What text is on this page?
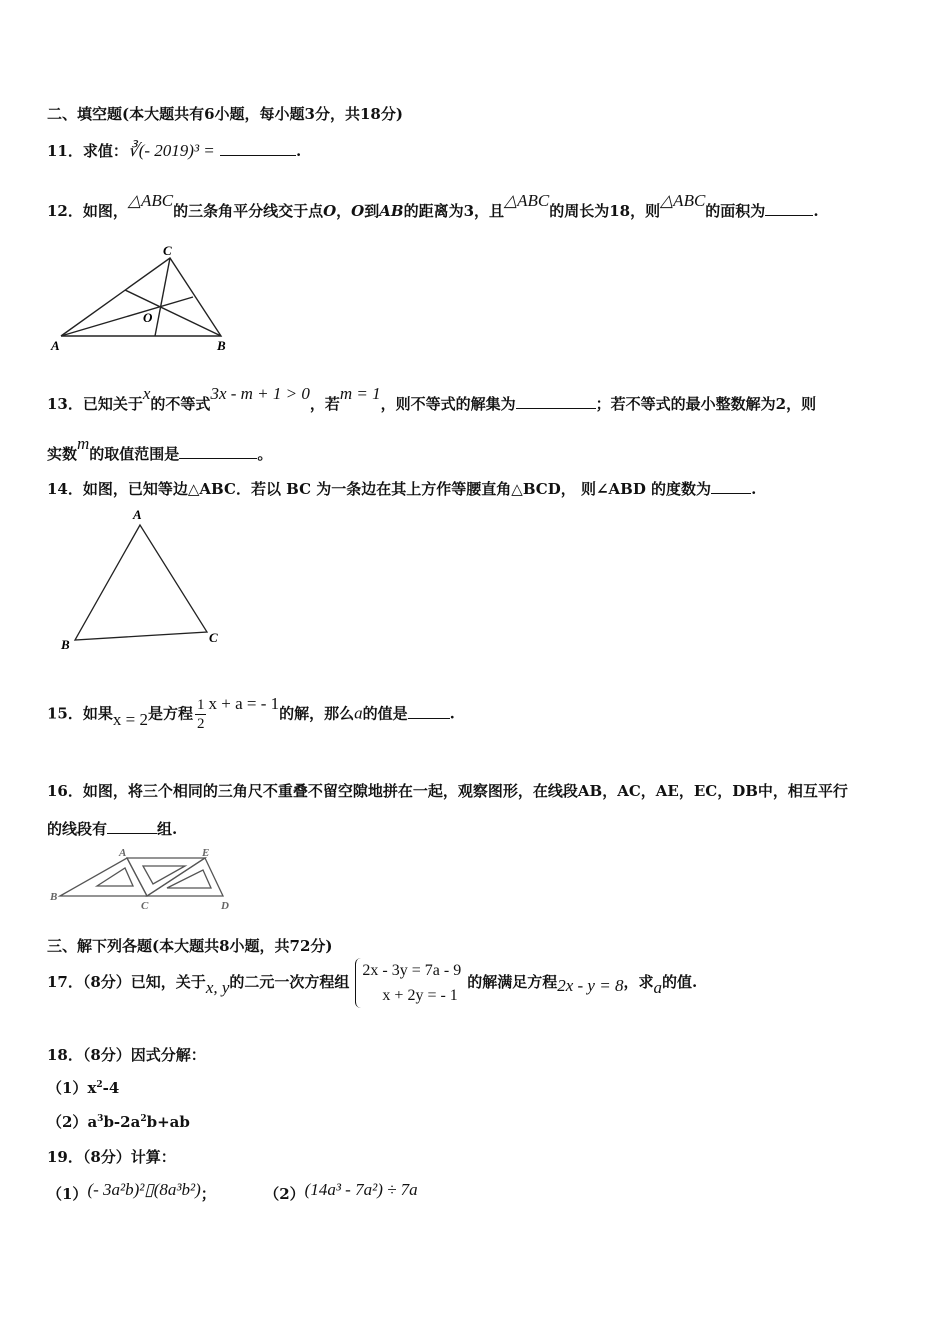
二、填空题(本大题共有6小题，每小题3分，共18分)
11．求值：∛(- 2019)³ =	.
12．如图，△ABC的三条角平分线交于点O，O到AB的距离为3，且△ABC的周长为18，则△ABC的面积为	.
A	B
C
O
13．已知关于x的不等式3x - m + 1 > 0，若m = 1，则不等式的解集为	；若不等式的最小整数解为2，则
实数m的取值范围是	。
14．如图，已知等边△ABC．若以 BC 为一条边在其上方作等腰直角△BCD， 则∠ABD 的度数为	.
A
B	C
15．如果x = 2是方程 $\frac{1}{2}$ x + a = - 1的解，那么a的值是	.
16．如图，将三个相同的三角尺不重叠不留空隙地拼在一起，观察图形，在线段AB，AC，AE，EC，DB中，相互平行
的线段有	组.
A	E
B
C	D
三、解下列各题(本大题共8小题，共72分)
17．（8分）已知，关于x, y的二元一次方程组
2x - 3y = 7a - 9
x + 2y = - 1
的解满足方程2x - y = 8，求a的值.
18．（8分）因式分解：
$(1)x^2-4$
$(2)a^3b-2a^2b+ab$
19．（8分）计算：
（1）(- 3a²b)²▯(8a³b²)；	（2）(14a³ - 7a²) ÷ 7a
